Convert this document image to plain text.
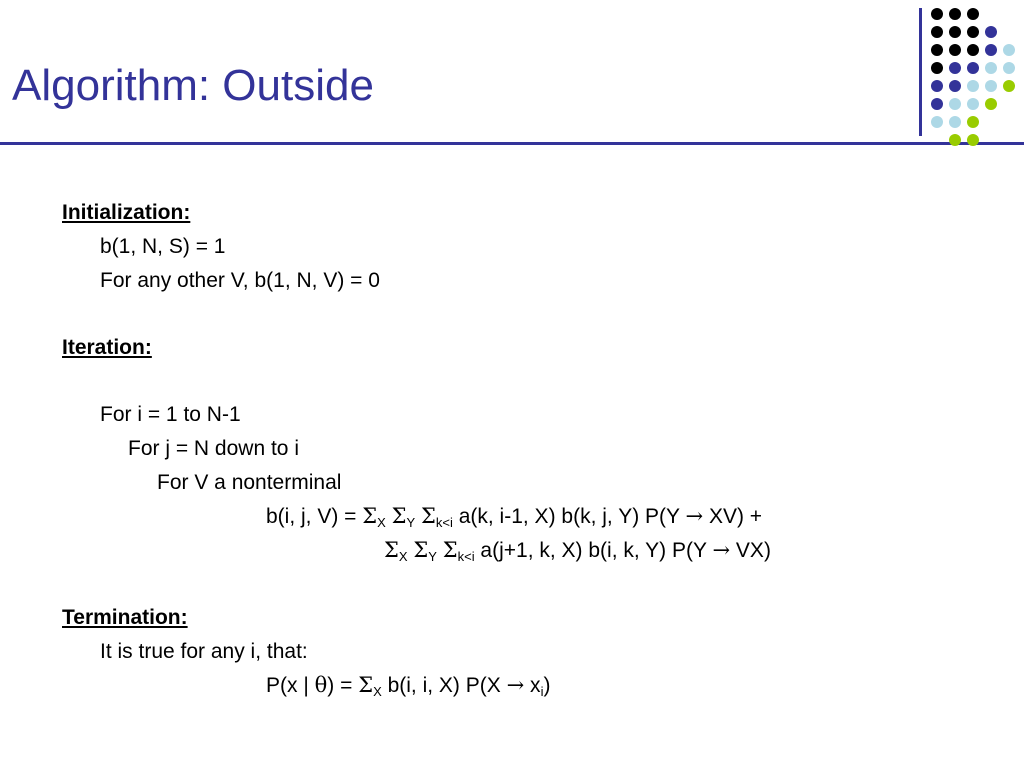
Algorithm: Outside
Initialization:
b(1, N, S) = 1
For any other V, b(1, N, V) = 0
Iteration:
For i = 1 to N-1
For j = N down to i
For V a nonterminal
b(i, j, $V) = \Sigma_X$ $\Sigma_Y$ $\Sigma_{k<i}$ a(k, i-1, X) b(k, j, Y) P(Y → XV) +
$\Sigma_X$ $\Sigma_Y$ $\Sigma_{k<i}$ a(j+1, k, X) b(i, k, Y) P(Y → VX)
Termination:
It is true for any i, that:
P(x | $\theta) = \Sigma_X$ b(i, i, X) $P(X \to x_i)$
